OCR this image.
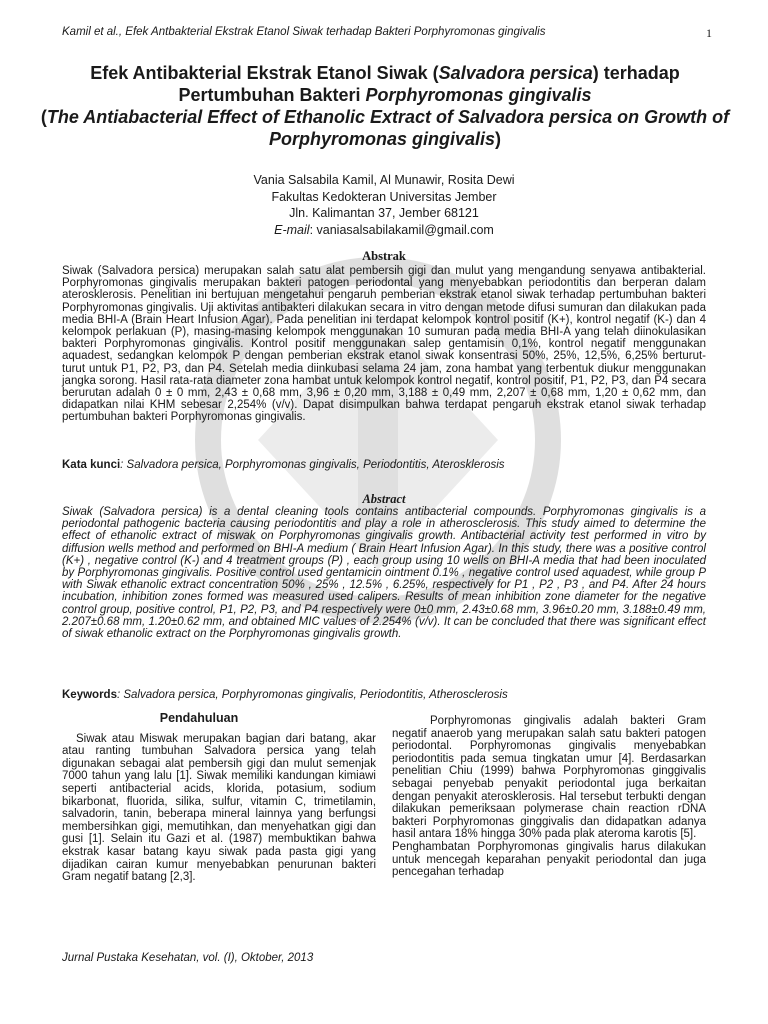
Kamil et al., Efek Antbakterial Ekstrak Etanol Siwak terhadap Bakteri Porphyromonas gingivalis	1
Efek Antibakterial Ekstrak Etanol Siwak (Salvadora persica) terhadap Pertumbuhan Bakteri Porphyromonas gingivalis
(The Antiabacterial Effect of Ethanolic Extract of Salvadora persica on Growth of Porphyromonas gingivalis)
Vania Salsabila Kamil, Al Munawir, Rosita Dewi
Fakultas Kedokteran Universitas Jember
Jln. Kalimantan 37, Jember 68121
E-mail: vaniasalsabilakamil@gmail.com
Abstrak
Siwak (Salvadora persica) merupakan salah satu alat pembersih gigi dan mulut yang mengandung senyawa antibakterial. Porphyromonas gingivalis merupakan bakteri patogen periodontal yang menyebabkan periodontitis dan berperan dalam aterosklerosis. Penelitian ini bertujuan mengetahui pengaruh pemberian ekstrak etanol siwak terhadap pertumbuhan bakteri Porphyromonas gingivalis. Uji aktivitas antibakteri dilakukan secara in vitro dengan metode difusi sumuran dan dilakukan pada media BHI-A (Brain Heart Infusion Agar). Pada penelitian ini terdapat kelompok kontrol positif (K+), kontrol negatif (K-) dan 4 kelompok perlakuan (P), masing-masing kelompok menggunakan 10 sumuran pada media BHI-A yang telah diinokulasikan bakteri Porphyromonas gingivalis. Kontrol positif menggunakan salep gentamisin 0,1%, kontrol negatif menggunakan aquadest, sedangkan kelompok P dengan pemberian ekstrak etanol siwak konsentrasi 50%, 25%, 12,5%, 6,25% berturut- turut untuk P1, P2, P3, dan P4. Setelah media diinkubasi selama 24 jam, zona hambat yang terbentuk diukur menggunakan jangka sorong. Hasil rata-rata diameter zona hambat untuk kelompok kontrol negatif, kontrol positif, P1, P2, P3, dan P4 secara berurutan adalah 0 ± 0 mm, 2,43 ± 0,68 mm, 3,96 ± 0,20 mm, 3,188 ± 0,49 mm, 2,207 ± 0,68 mm, 1,20 ± 0,62 mm, dan didapatkan nilai KHM sebesar 2,254% (v/v). Dapat disimpulkan bahwa terdapat pengaruh ekstrak etanol siwak terhadap pertumbuhan bakteri Porphyromonas gingivalis.
Kata kunci: Salvadora persica, Porphyromonas gingivalis, Periodontitis, Aterosklerosis
Abstract
Siwak (Salvadora persica) is a dental cleaning tools contains antibacterial compounds. Porphyromonas gingivalis is a periodontal pathogenic bacteria causing periodontitis and play a role in atherosclerosis. This study aimed to determine the effect of ethanolic extract of miswak on Porphyromonas gingivalis growth. Antibacterial activity test performed in vitro by diffusion wells method and performed on BHI-A medium ( Brain Heart Infusion Agar). In this study, there was a positive control (K+) , negative control (K-) and 4 treatment groups (P) , each group using 10 wells on BHI-A media that had been inoculated by Porphyromonas gingivalis. Positive control used gentamicin ointment 0.1% , negative control used aquadest, while group P with Siwak ethanolic extract concentration 50% , 25% , 12.5% , 6.25%, respectively for P1 , P2 , P3 , and P4. After 24 hours incubation, inhibition zones formed was measured used calipers. Results of mean inhibition zone diameter for the negative control group, positive control, P1, P2, P3, and P4 respectively were 0±0 mm, 2.43±0.68 mm, 3.96±0.20 mm, 3.188±0.49 mm, 2.207±0.68 mm, 1.20±0.62 mm, and obtained MIC values of 2.254% (v/v). It can be concluded that there was significant effect of siwak ethanolic extract on the Porphyromonas gingivalis growth.
Keywords: Salvadora persica, Porphyromonas gingivalis, Periodontitis, Atherosclerosis

Pendahuluan

Siwak atau Miswak merupakan bagian dari batang, akar atau ranting tumbuhan Salvadora persica yang telah digunakan sebagai alat pembersih gigi dan mulut semenjak 7000 tahun yang lalu [1]. Siwak memiliki kandungan kimiawi seperti antibacterial acids, klorida, potasium, sodium bikarbonat, fluorida, silika, sulfur, vitamin C, trimetilamin, salvadorin, tanin, beberapa mineral lainnya yang berfungsi membersihkan gigi, memutihkan, dan menyehatkan gigi dan gusi [1]. Selain itu Gazi et al. (1987) membuktikan bahwa ekstrak kasar batang kayu siwak pada pasta gigi yang dijadikan cairan kumur menyebabkan penurunan bakteri Gram negatif batang [2,3].

Porphyromonas gingivalis adalah bakteri Gram negatif anaerob yang merupakan salah satu bakteri patogen periodontal. Porphyromonas gingivalis menyebabkan periodontitis pada semua tingkatan umur [4]. Berdasarkan penelitian Chiu (1999) bahwa Porphyromonas ginggivalis sebagai penyebab penyakit periodontal juga berkaitan dengan penyakit aterosklerosis. Hal tersebut terbukti dengan dilakukan pemeriksaan polymerase chain reaction rDNA bakteri Porphyromonas ginggivalis dan didapatkan adanya hasil antara 18% hingga 30% pada plak ateroma karotis [5].

Penghambatan Porphyromonas gingivalis harus dilakukan untuk mencegah keparahan penyakit periodontal dan juga pencegahan terhadap

Jurnal Pustaka Kesehatan, vol. (I), Oktober, 2013
